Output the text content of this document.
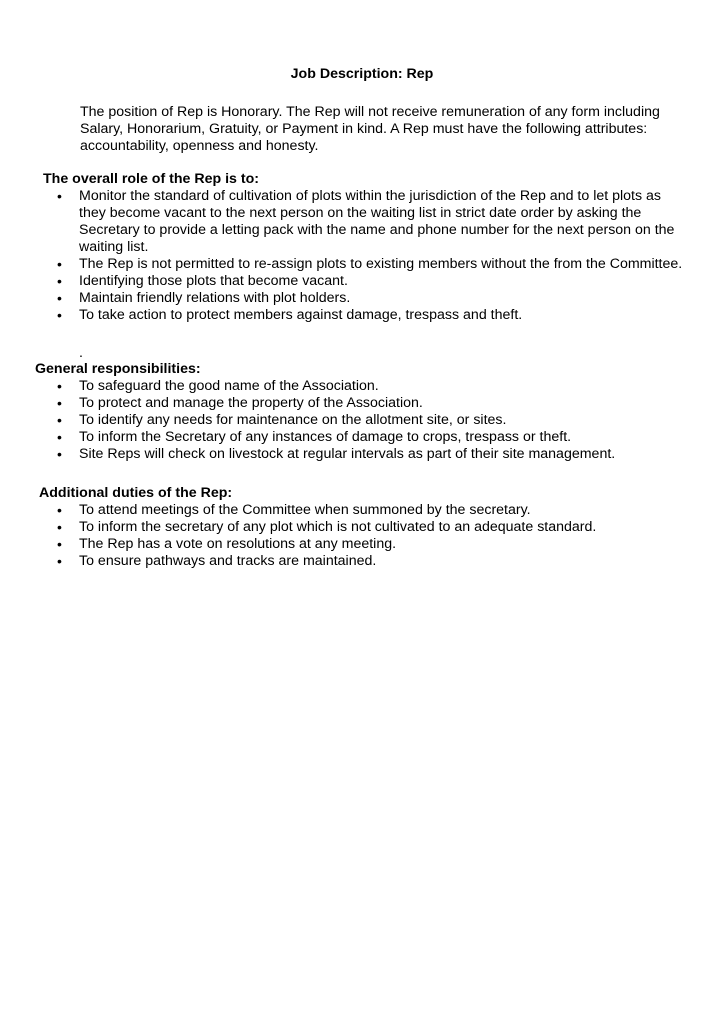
Job Description: Rep

The position of Rep is Honorary. The Rep will not receive remuneration of any form including Salary, Honorarium, Gratuity, or Payment in kind. A Rep must have the following attributes: accountability, openness and honesty.

The overall role of the Rep is to:
• Monitor the standard of cultivation of plots within the jurisdiction of the Rep and to let plots as they become vacant to the next person on the waiting list in strict date order by asking the Secretary to provide a letting pack with the name and phone number for the next person on the waiting list.
• The Rep is not permitted to re-assign plots to existing members without the from the Committee.
• Identifying those plots that become vacant.
• Maintain friendly relations with plot holders.
• To take action to protect members against damage, trespass and theft.

.

General responsibilities:
• To safeguard the good name of the Association.
• To protect and manage the property of the Association.
• To identify any needs for maintenance on the allotment site, or sites.
• To inform the Secretary of any instances of damage to crops, trespass or theft.
• Site Reps will check on livestock at regular intervals as part of their site management.
Additional duties of the Rep:
• To attend meetings of the Committee when summoned by the secretary.
• To inform the secretary of any plot which is not cultivated to an adequate standard.
• The Rep has a vote on resolutions at any meeting.
• To ensure pathways and tracks are maintained.
